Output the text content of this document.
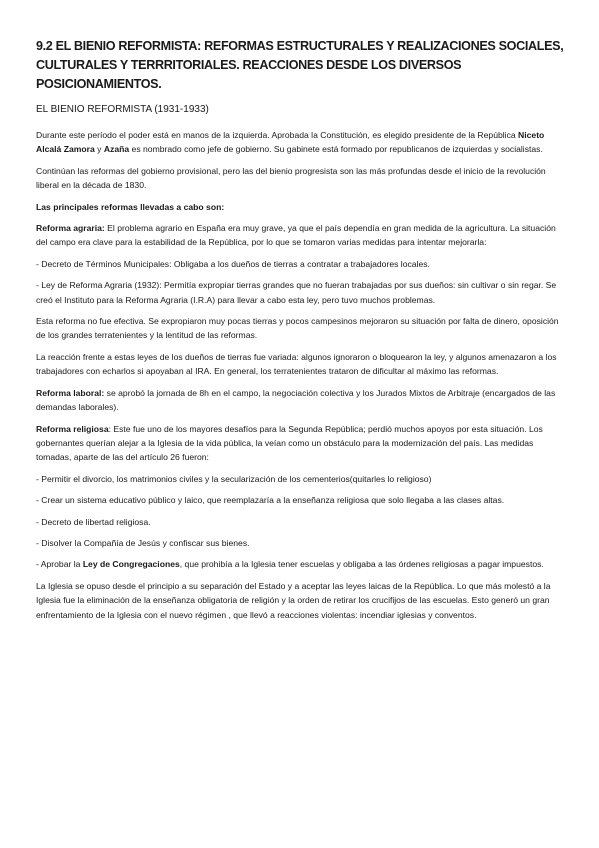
9.2 EL BIENIO REFORMISTA: REFORMAS ESTRUCTURALES Y REALIZACIONES SOCIALES, CULTURALES Y TERRRITORIALES. REACCIONES DESDE LOS DIVERSOS POSICIONAMIENTOS.
EL BIENIO REFORMISTA (1931-1933)

Durante este período el poder está en manos de la izquierda. Aprobada la Constitución, es elegido presidente de la República Niceto Alcalá Zamora y Azaña es nombrado como jefe de gobierno. Su gabinete está formado por republicanos de izquierdas y socialistas.

Continúan las reformas del gobierno provisional, pero las del bienio progresista son las más profundas desde el inicio de la revolución liberal en la década de 1830.

Las principales reformas llevadas a cabo son:

Reforma agraria: El problema agrario en España era muy grave, ya que el país dependía en gran medida de la agricultura. La situación del campo era clave para la estabilidad de la República, por lo que se tomaron varias medidas para intentar mejorarla:

- Decreto de Términos Municipales: Obligaba a los dueños de tierras a contratar a trabajadores locales.

- Ley de Reforma Agraria (1932): Permitía expropiar tierras grandes que no fueran trabajadas por sus dueños: sin cultivar o sin regar. Se creó el Instituto para la Reforma Agraria (I.R.A) para llevar a cabo esta ley, pero tuvo muchos problemas.

Esta reforma no fue efectiva. Se expropiaron muy pocas tierras y pocos campesinos mejoraron su situación por falta de dinero, oposición de los grandes terratenientes y la lentitud de las reformas.

La reacción frente a estas leyes de los dueños de tierras fue variada: algunos ignoraron o bloquearon la ley, y algunos amenazaron a los trabajadores con echarlos si apoyaban al IRA. En general, los terratenientes trataron de dificultar al máximo las reformas.

Reforma laboral: se aprobó la jornada de 8h en el campo, la negociación colectiva y los Jurados Mixtos de Arbitraje (encargados de las demandas laborales).

Reforma religiosa: Este fue uno de los mayores desafíos para la Segunda República; perdió muchos apoyos por esta situación. Los gobernantes querían alejar a la Iglesia de la vida pública, la veían como un obstáculo para la modernización del país. Las medidas tomadas, aparte de las del artículo 26 fueron:

- Permitir el divorcio, los matrimonios civiles y la secularización de los cementerios(quitarles lo religioso)

- Crear un sistema educativo público y laico, que reemplazaría a la enseñanza religiosa que solo llegaba a las clases altas.

- Decreto de libertad religiosa.

- Disolver la Compañía de Jesús y confiscar sus bienes.

- Aprobar la Ley de Congregaciones, que prohibía a la Iglesia tener escuelas y obligaba a las órdenes religiosas a pagar impuestos.

La Iglesia se opuso desde el principio a su separación del Estado y a aceptar las leyes laicas de la República. Lo que más molestó a la Iglesia fue la eliminación de la enseñanza obligatoria de religión y la orden de retirar los crucifijos de las escuelas. Esto generó un gran enfrentamiento de la Iglesia con el nuevo régimen , que llevó a reacciones violentas: incendiar iglesias y conventos.
